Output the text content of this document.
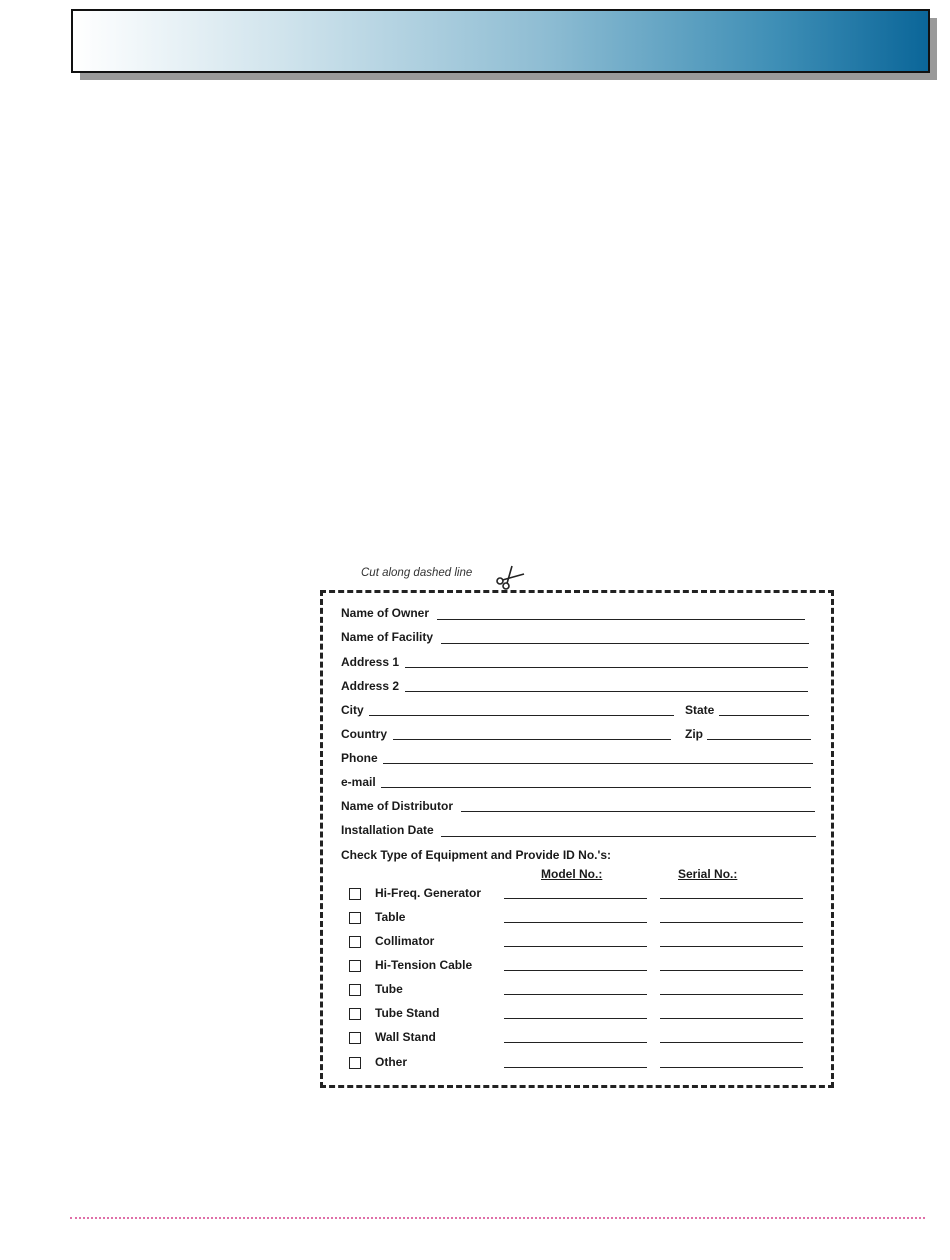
Cut along dashed line
Name of Owner
Name of Facility
Address 1
Address 2
City	State
Country	Zip
Phone
e-mail
Name of Distributor
Installation Date
Check Type of Equipment and Provide ID No.'s:
Model No.:	Serial No.:
Hi-Freq. Generator
Table
Collimator
Hi-Tension Cable
Tube
Tube Stand
Wall Stand
Other
